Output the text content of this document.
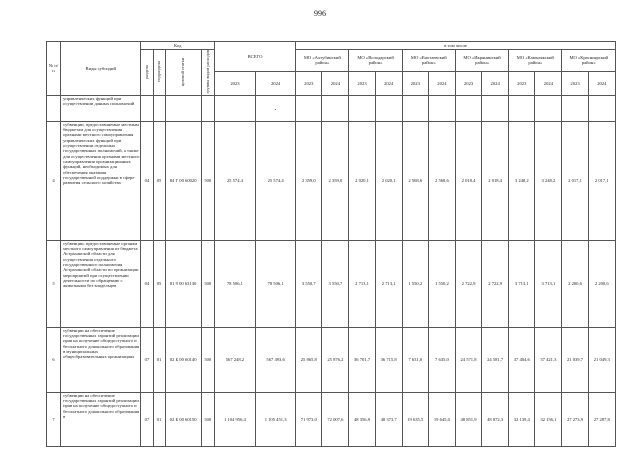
996
№ п/п	Виды субсидий	Код				ВСЕГО		в том числе											
		раздела	подраздела	целевой статьи	группы видов расходов			МО «Ахтубинский район»		МО «Володарский район»		МО «Енотаевский район»		МО «Икрянинский район»		МО «Камызякский район»		МО «Красноярский район»	
						2023	2024	2023	2024	2023	2024	2023	2024	2023	2024	2023	2024	2023	2024
	управленческих функций при осуществлении данных полномочий																		
4	субвенции, предоставляемые местным бюджетам для осуществления органами местного самоуправления управленческих функций при осуществлении отдельных государственных полномочий, а также для осуществления органами местного самоуправления организационных функций, необходимых для обеспечения оказания государственной поддержки в сфере развития сельского хозяйства	04	05	84 Г 00 60020	500	25 574,4	25 574,4	2 359,0	2 359,0	2 020,1	2 020,1	2 568,6	2 568,6	2 018,4	2 018,4	3 248,2	3 248,2	2 017,1	2 017,1
5	субвенции, предоставляемые органам местного самоуправления из бюджета Астраханской области для осуществления отдельного государственного полномочия Астраханской области по организации мероприятий при осуществлении деятельности по обращению с животными без владельцев	04	05	81 9 00 63130	500	78 506,1	78 506,1	3 550,7	3 550,7	2 713,1	2 713,1	1 550,2	1 550,2	2 722,9	2 722,9	3 713,1	3 713,1	2 200,6	2 200,6
6	субвенции на обеспечение государственных гарантий реализации прав на получение общедоступного и бесплатного дошкольного образования в муниципальных общеобразовательных организациях	07	01	02 Б 00 60140	500	567 248,2	567 493,6	25 865,8	25 876,2	36 701,7	36 715,8	7 631,0	7 635,0	24 571,8	24 581,7	37 404,6	37 421,3	21 039,7	21 049,3
7	субвенции на обеспечение государственных гарантий реализации прав на получение общедоступного и бесплатного дошкольного образования в	07	01	02 Б 00 60150	500	1 104 956,4	1 105 451,3	71 973,0	72 007,6	48 356,9	48 373,7	19 635,5	19 645,0	48 851,9	48 872,3	32 139,4	32 156,1	27 273,9	27 287,8
